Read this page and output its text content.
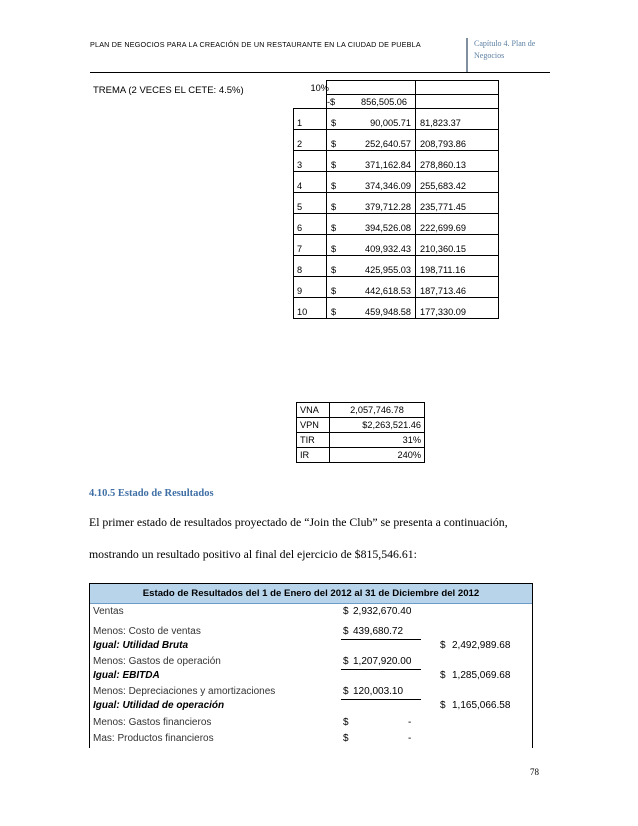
PLAN DE NEGOCIOS PARA LA CREACIÓN DE UN RESTAURANTE EN LA CIUDAD DE PUEBLA	Capítulo 4. Plan de
Negocios
TREMA (2 VECES EL CETE: 4.5%)	10%		

	-$ 856,505.06	

1	$ 90,005.71	81,823.37

2	$ 252,640.57	208,793.86

3	$ 371,162.84	278,860.13

4	$ 374,346.09	255,683.42

5	$ 379,712.28	235,771.45

6	$ 394,526.08	222,699.69

7	$ 409,932.43	210,360.15

8	$ 425,955.03	198,711.16

9	$ 442,618.53	187,713.46

10	$ 459,948.58	177,330.09
VNA	2,057,746.78
VPN	$2,263,521.46
TIR	31%
IR	240%
4.10.5 Estado de Resultados
El primer estado de resultados proyectado de “Join the Club” se presenta a continuación,
mostrando un resultado positivo al final del ejercicio de $815,546.61:
Estado de Resultados del 1 de Enero del 2012 al 31 de Diciembre del 2012
Ventas	$ 2,932,670.40
Menos: Costo de ventas	$ 439,680.72
Igual: Utilidad Bruta	$ 2,492,989.68
Menos: Gastos de operación	$ 1,207,920.00
Igual: EBITDA	$ 1,285,069.68
Menos: Depreciaciones y amortizaciones	$ 120,003.10
Igual: Utilidad de operación	$ 1,165,066.58
Menos: Gastos financieros	$	-
Mas: Productos financieros	$	-
78
